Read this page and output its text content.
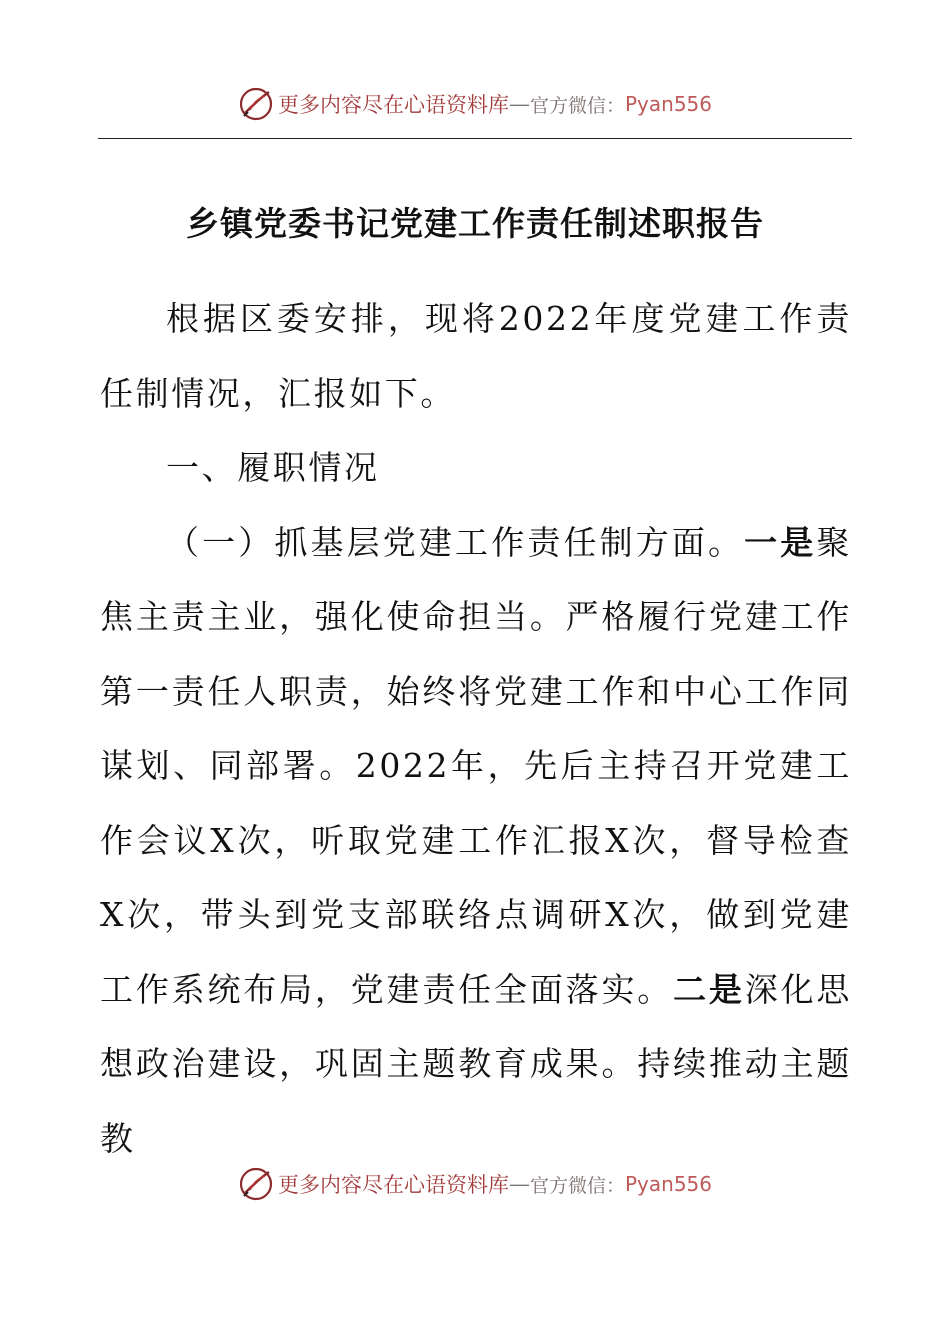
更多内容尽在心语资料库 — 官方微信： Pyan556
乡镇党委书记党建工作责任制述职报告

根据区委安排，现将2022年度党建工作责任制情况，汇报如下。

一、履职情况

（一）抓基层党建工作责任制方面。一是聚焦主责主业，强化使命担当。严格履行党建工作第一责任人职责，始终将党建工作和中心工作同谋划、同部署。2022年，先后主持召开党建工作会议X次，听取党建工作汇报X次，督导检查X次，带头到党支部联络点调研X次，做到党建工作系统布局，党建责任全面落实。二是深化思想政治建设，巩固主题教育成果。持续推动主题教

更多内容尽在心语资料库 — 官方微信： Pyan556
